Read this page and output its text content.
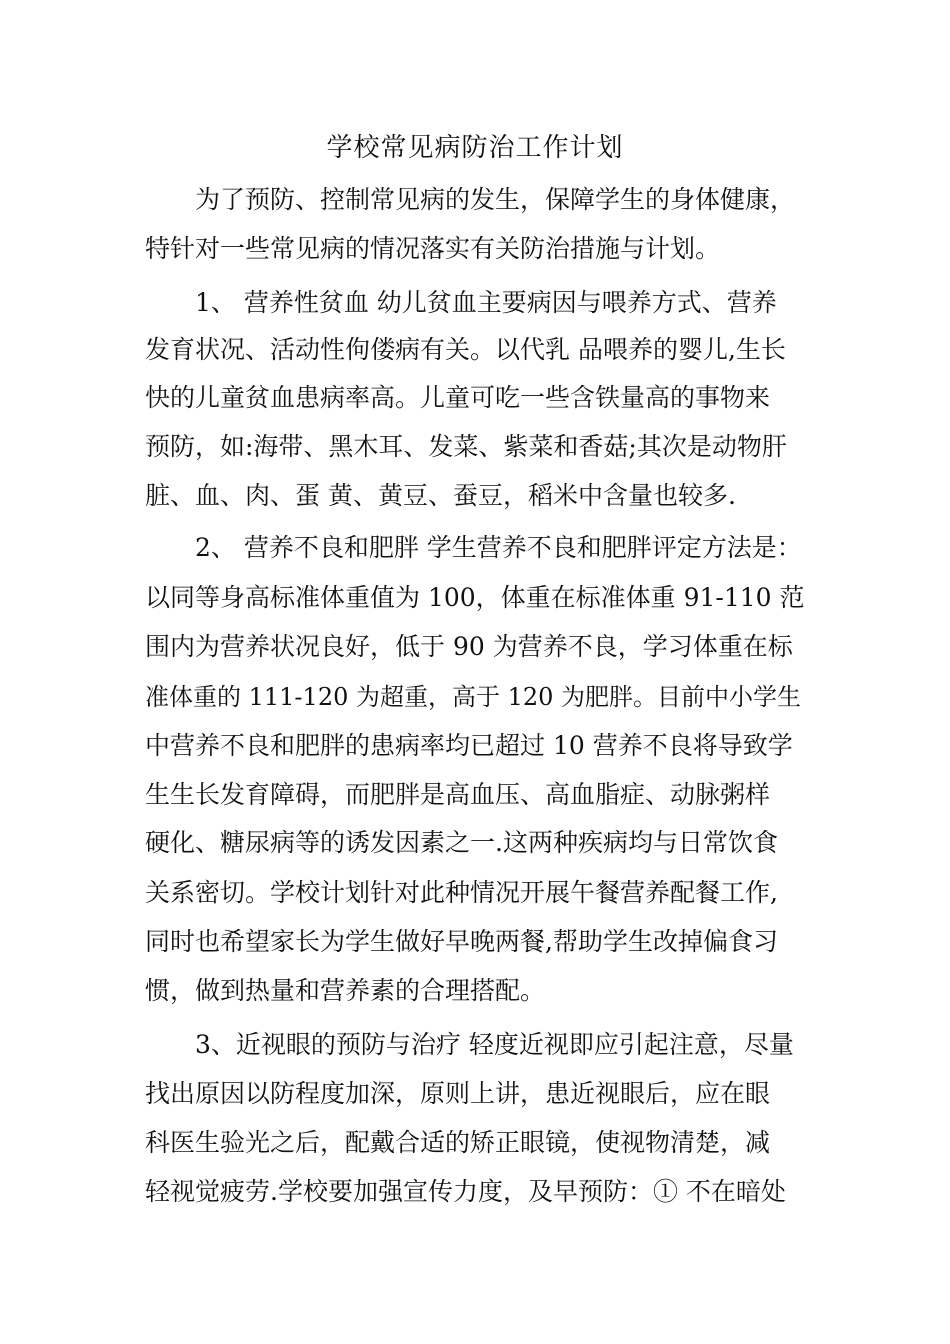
学校常见病防治工作计划
为了预防、控制常见病的发生，保障学生的身体健康，
特针对一些常见病的情况落实有关防治措施与计划。
1、 营养性贫血 幼儿贫血主要病因与喂养方式、营养
发育状况、活动性佝偻病有关。以代乳 品喂养的婴儿,生长
快的儿童贫血患病率高。儿童可吃一些含铁量高的事物来
预防，如:海带、黑木耳、发菜、紫菜和香菇;其次是动物肝
脏、血、肉、蛋 黄、黄豆、蚕豆，稻米中含量也较多.
2、 营养不良和肥胖 学生营养不良和肥胖评定方法是：
以同等身高标准体重值为 100，体重在标准体重 91-110 范
围内为营养状况良好，低于 90 为营养不良，学习体重在标
准体重的 111-120 为超重，高于 120 为肥胖。目前中小学生
中营养不良和肥胖的患病率均已超过 10 营养不良将导致学
生生长发育障碍，而肥胖是高血压、高血脂症、动脉粥样
硬化、糖尿病等的诱发因素之一.这两种疾病均与日常饮食
关系密切。学校计划针对此种情况开展午餐营养配餐工作,
同时也希望家长为学生做好早晚两餐,帮助学生改掉偏食习
惯，做到热量和营养素的合理搭配。
3、近视眼的预防与治疗 轻度近视即应引起注意，尽量
找出原因以防程度加深，原则上讲，患近视眼后，应在眼
科医生验光之后，配戴合适的矫正眼镜，使视物清楚，减
轻视觉疲劳.学校要加强宣传力度，及早预防：① 不在暗处
